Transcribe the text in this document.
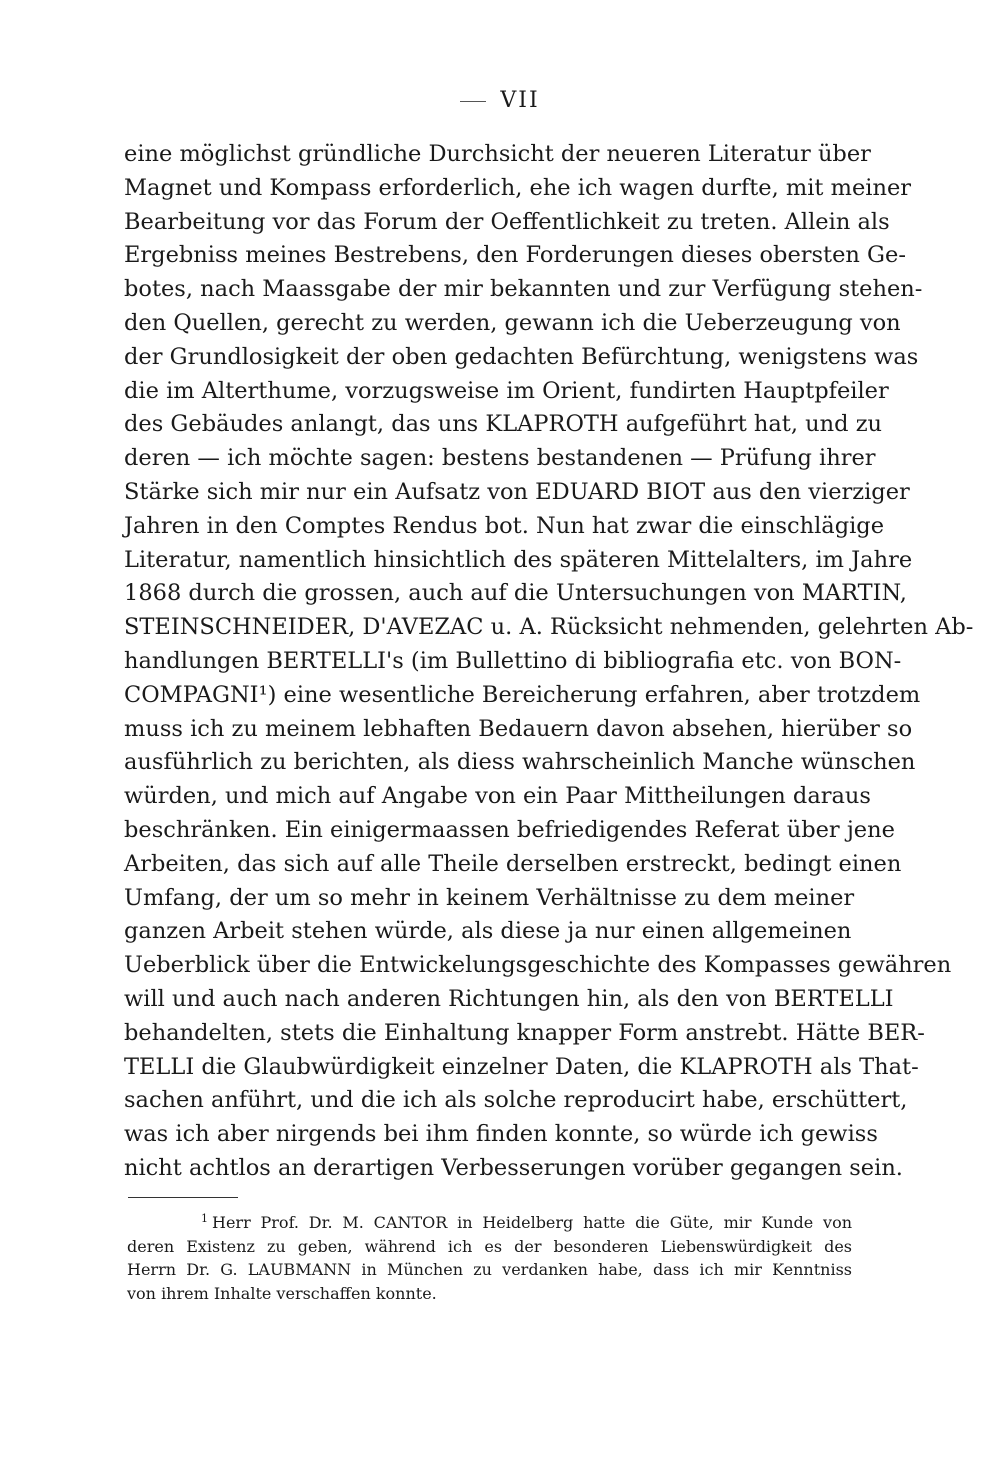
VII
eine möglichst gründliche Durchsicht der neueren Literatur über
Magnet und Kompass erforderlich, ehe ich wagen durfte, mit meiner
Bearbeitung vor das Forum der Oeffentlichkeit zu treten. Allein als
Ergebniss meines Bestrebens, den Forderungen dieses obersten Ge-
botes, nach Maassgabe der mir bekannten und zur Verfügung stehen-
den Quellen, gerecht zu werden, gewann ich die Ueberzeugung von
der Grundlosigkeit der oben gedachten Befürchtung, wenigstens was
die im Alterthume, vorzugsweise im Orient, fundirten Hauptpfeiler
des Gebäudes anlangt, das uns KLAPROTH aufgeführt hat, und zu
deren — ich möchte sagen: bestens bestandenen — Prüfung ihrer
Stärke sich mir nur ein Aufsatz von EDUARD BIOT aus den vierziger
Jahren in den Comptes Rendus bot. Nun hat zwar die einschlägige
Literatur, namentlich hinsichtlich des späteren Mittelalters, im Jahre
1868 durch die grossen, auch auf die Untersuchungen von MARTIN,
STEINSCHNEIDER, D'AVEZAC u. A. Rücksicht nehmenden, gelehrten Ab-
handlungen BERTELLI's (im Bullettino di bibliografia etc. von BON-
COMPAGNI¹) eine wesentliche Bereicherung erfahren, aber trotzdem
muss ich zu meinem lebhaften Bedauern davon absehen, hierüber so
ausführlich zu berichten, als diess wahrscheinlich Manche wünschen
würden, und mich auf Angabe von ein Paar Mittheilungen daraus
beschränken. Ein einigermaassen befriedigendes Referat über jene
Arbeiten, das sich auf alle Theile derselben erstreckt, bedingt einen
Umfang, der um so mehr in keinem Verhältnisse zu dem meiner
ganzen Arbeit stehen würde, als diese ja nur einen allgemeinen
Ueberblick über die Entwickelungsgeschichte des Kompasses gewähren
will und auch nach anderen Richtungen hin, als den von BERTELLI
behandelten, stets die Einhaltung knapper Form anstrebt. Hätte BER-
TELLI die Glaubwürdigkeit einzelner Daten, die KLAPROTH als That-
sachen anführt, und die ich als solche reproducirt habe, erschüttert,
was ich aber nirgends bei ihm finden konnte, so würde ich gewiss
nicht achtlos an derartigen Verbesserungen vorüber gegangen sein.
$^1$ Herr Prof. Dr. M. CANTOR in Heidelberg hatte die Güte, mir Kunde von
deren Existenz zu geben, während ich es der besonderen Liebenswürdigkeit des
Herrn Dr. G. LAUBMANN in München zu verdanken habe, dass ich mir Kenntniss
von ihrem Inhalte verschaffen konnte.
